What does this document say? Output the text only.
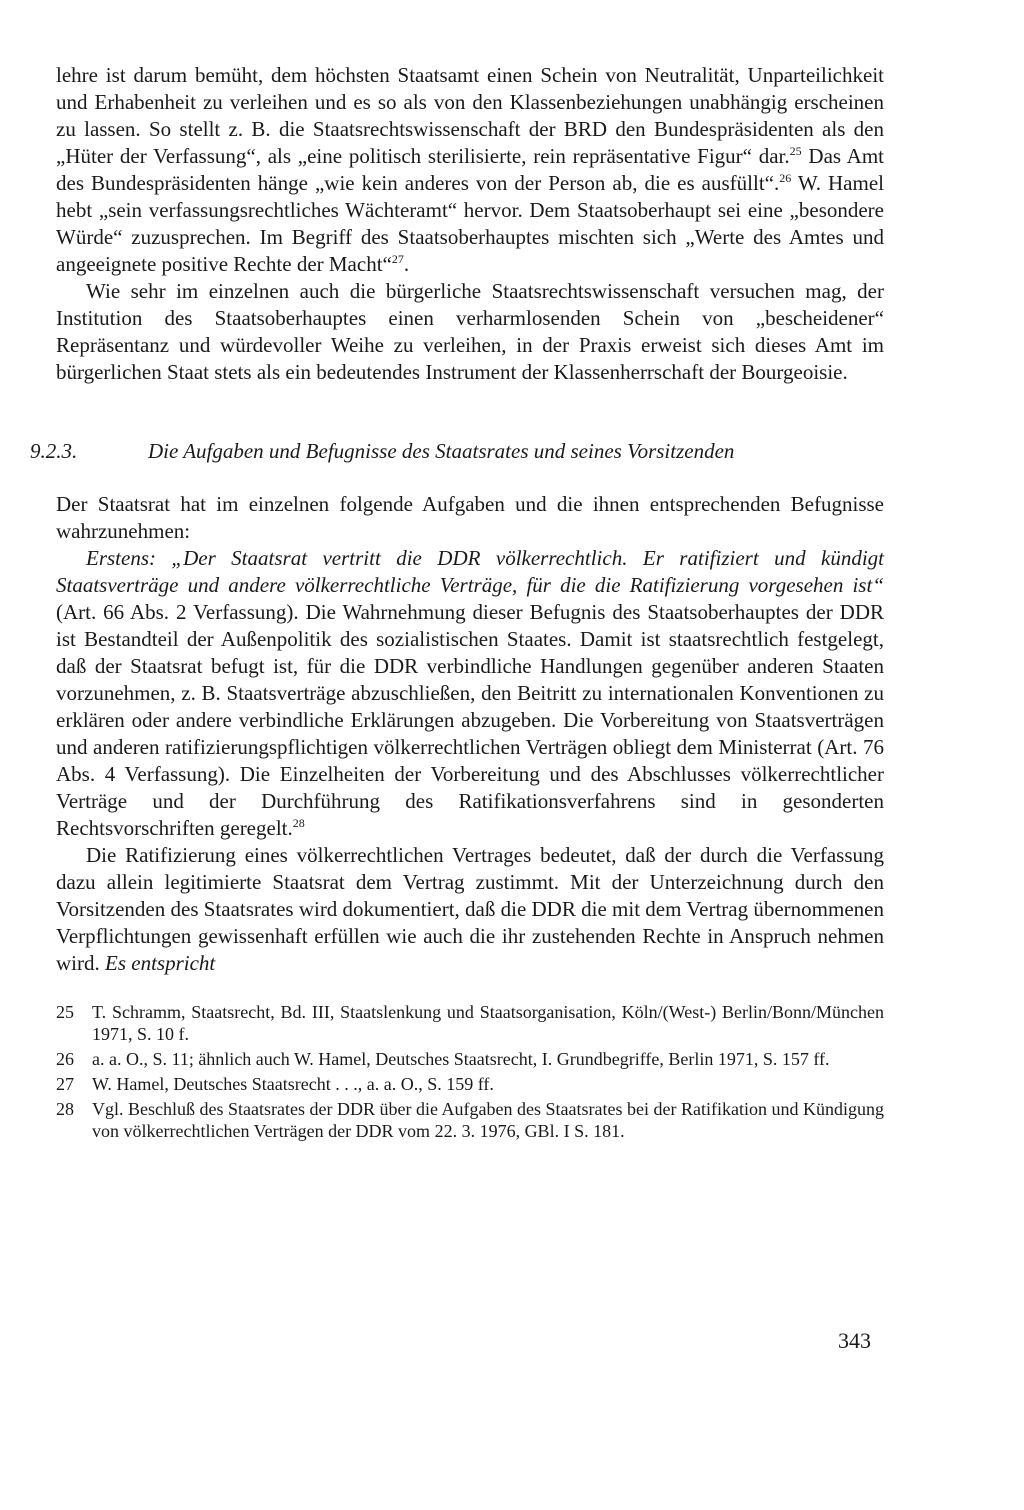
lehre ist darum bemüht, dem höchsten Staatsamt einen Schein von Neutralität, Unparteilichkeit und Erhabenheit zu verleihen und es so als von den Klassenbeziehungen unabhängig erscheinen zu lassen. So stellt z. B. die Staatsrechtswissenschaft der BRD den Bundespräsidenten als den „Hüter der Verfassung“, als „eine politisch sterilisierte, rein repräsentative Figur“ dar.$^{25}$ Das Amt des Bundespräsidenten hänge „wie kein anderes von der Person ab, die es ausfüllt“.$^{26}$ W. Hamel hebt „sein verfassungsrechtliches Wächteramt“ hervor. Dem Staatsoberhaupt sei eine „besondere Würde“ zuzusprechen. Im Begriff des Staatsoberhauptes mischten sich „Werte des Amtes und angeeignete positive Rechte der Macht“$^{27}$.

Wie sehr im einzelnen auch die bürgerliche Staatsrechtswissenschaft versuchen mag, der Institution des Staatsoberhauptes einen verharmlosenden Schein von „bescheidener“ Repräsentanz und würdevoller Weihe zu verleihen, in der Praxis erweist sich dieses Amt im bürgerlichen Staat stets als ein bedeutendes Instrument der Klassenherrschaft der Bourgeoisie.

9.2.3.	Die Aufgaben und Befugnisse des Staatsrates und seines Vorsitzenden

Der Staatsrat hat im einzelnen folgende Aufgaben und die ihnen entsprechenden Befugnisse wahrzunehmen:

Erstens: „Der Staatsrat vertritt die DDR völkerrechtlich. Er ratifiziert und kündigt Staatsverträge und andere völkerrechtliche Verträge, für die die Ratifizierung vorgesehen ist“ (Art. 66 Abs. 2 Verfassung). Die Wahrnehmung dieser Befugnis des Staatsoberhauptes der DDR ist Bestandteil der Außenpolitik des sozialistischen Staates. Damit ist staatsrechtlich festgelegt, daß der Staatsrat befugt ist, für die DDR verbindliche Handlungen gegenüber anderen Staaten vorzunehmen, z. B. Staatsverträge abzuschließen, den Beitritt zu internationalen Konventionen zu erklären oder andere verbindliche Erklärungen abzugeben. Die Vorbereitung von Staatsverträgen und anderen ratifizierungspflichtigen völkerrechtlichen Verträgen obliegt dem Ministerrat (Art. 76 Abs. 4 Verfassung). Die Einzelheiten der Vorbereitung und des Abschlusses völkerrechtlicher Verträge und der Durchführung des Ratifikationsverfahrens sind in gesonderten Rechtsvorschriften geregelt.$^{28}$

Die Ratifizierung eines völkerrechtlichen Vertrages bedeutet, daß der durch die Verfassung dazu allein legitimierte Staatsrat dem Vertrag zustimmt. Mit der Unterzeichnung durch den Vorsitzenden des Staatsrates wird dokumentiert, daß die DDR die mit dem Vertrag übernommenen Verpflichtungen gewissenhaft erfüllen wie auch die ihr zustehenden Rechte in Anspruch nehmen wird. Es entspricht

25	T. Schramm, Staatsrecht, Bd. III, Staatslenkung und Staatsorganisation, Köln/(West-) Berlin/Bonn/München 1971, S. 10 f.
26	a. a. O., S. 11; ähnlich auch W. Hamel, Deutsches Staatsrecht, I. Grundbegriffe, Berlin 1971, S. 157 ff.
27	W. Hamel, Deutsches Staatsrecht . . ., a. a. O., S. 159 ff.
28	Vgl. Beschluß des Staatsrates der DDR über die Aufgaben des Staatsrates bei der Ratifikation und Kündigung von völkerrechtlichen Verträgen der DDR vom 22. 3. 1976, GBl. I S. 181.
343
